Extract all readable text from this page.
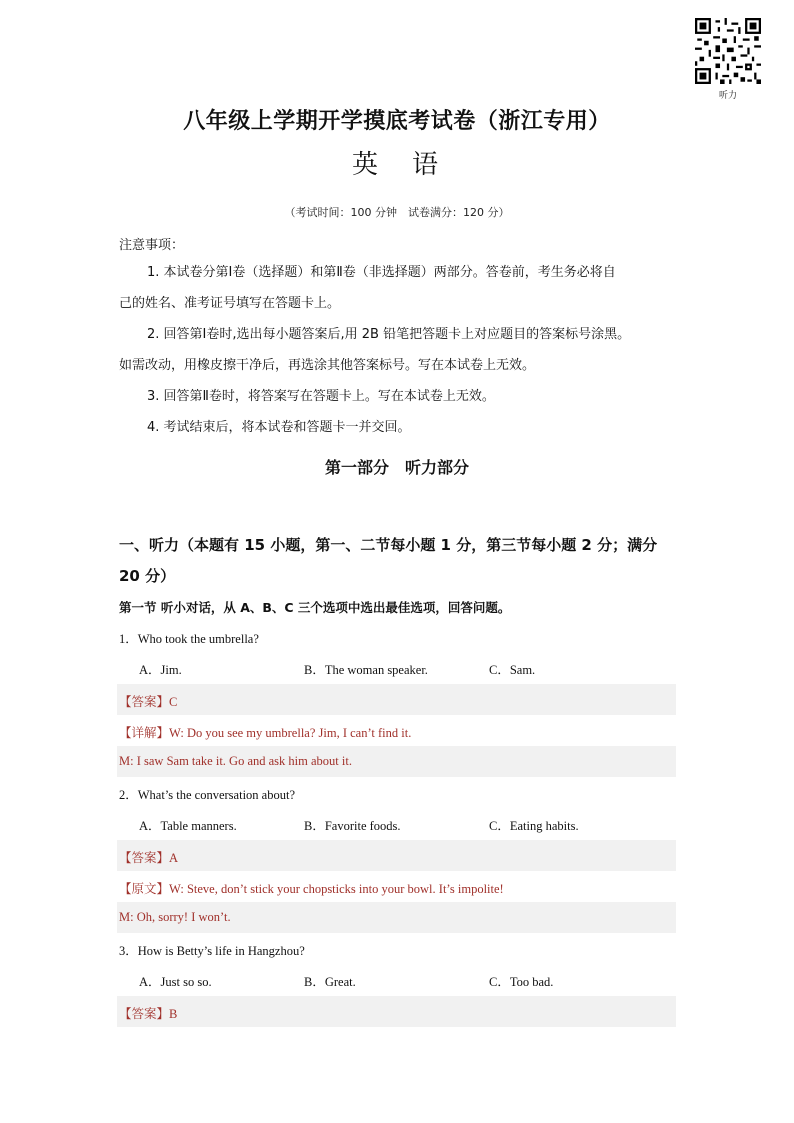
听力
八年级上学期开学摸底考试卷（浙江专用）
英　语
（考试时间：100 分钟　试卷满分：120 分）
注意事项：
1. 本试卷分第Ⅰ卷（选择题）和第Ⅱ卷（非选择题）两部分。答卷前，考生务必将自
己的姓名、准考证号填写在答题卡上。
2. 回答第Ⅰ卷时,选出每小题答案后,用 2B 铅笔把答题卡上对应题目的答案标号涂黑。
如需改动，用橡皮擦干净后，再选涂其他答案标号。写在本试卷上无效。
3. 回答第Ⅱ卷时，将答案写在答题卡上。写在本试卷上无效。
4. 考试结束后，将本试卷和答题卡一并交回。
第一部分　听力部分
一、听力（本题有 15 小题，第一、二节每小题 1 分，第三节每小题 2 分；满分 20 分）
第一节 听小对话，从 A、B、C 三个选项中选出最佳选项，回答问题。
1．Who took the umbrella?
A．Jim.	B．The woman speaker.	C．Sam.
【答案】C
【详解】W: Do you see my umbrella? Jim, I can’t find it.
M: I saw Sam take it. Go and ask him about it.
2．What’s the conversation about?
A．Table manners.	B．Favorite foods.	C．Eating habits.
【答案】A
【原文】W: Steve, don’t stick your chopsticks into your bowl. It’s impolite!
M: Oh, sorry! I won’t.
3．How is Betty’s life in Hangzhou?
A．Just so so.	B．Great.	C．Too bad.
【答案】B
